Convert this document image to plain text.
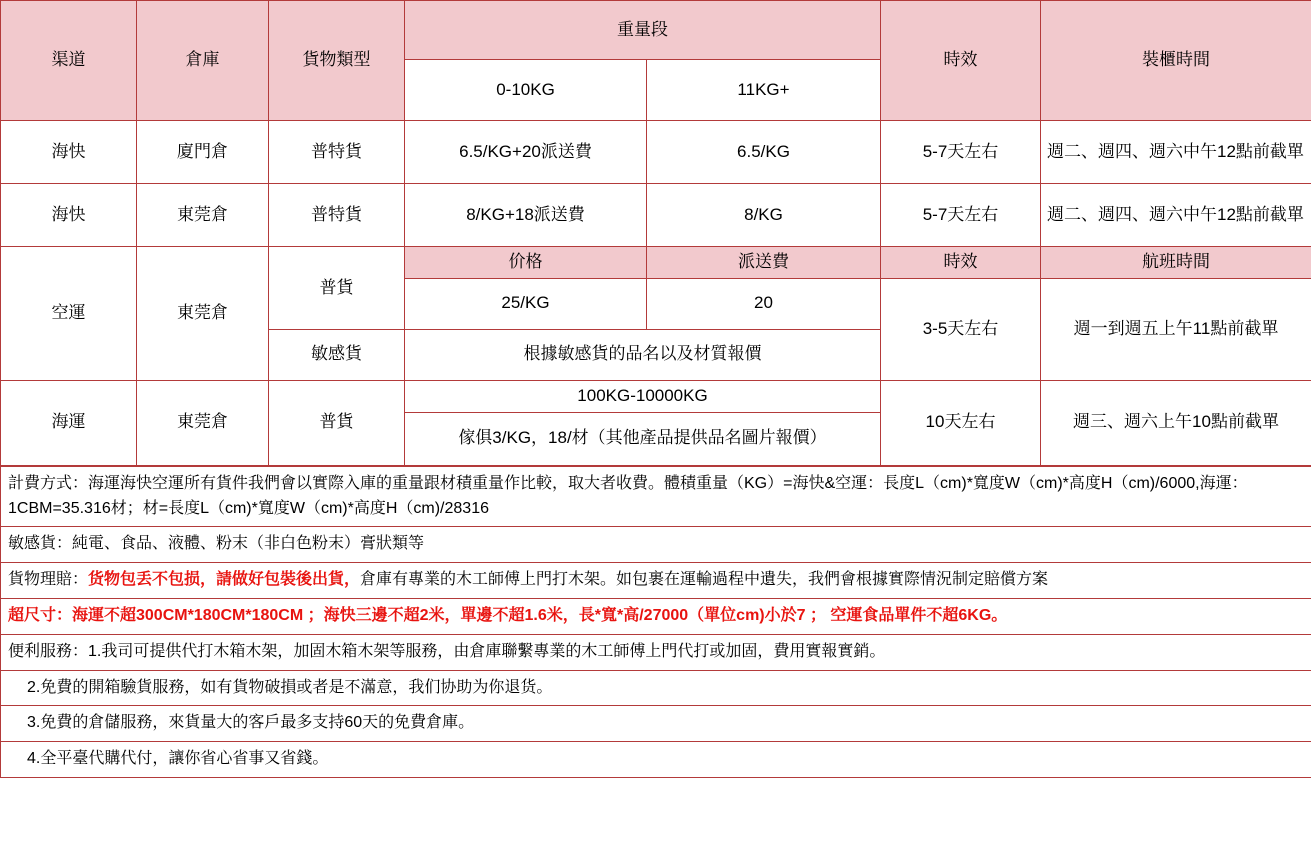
渠道	倉庫	貨物類型	重量段		時效	裝櫃時間
			0-10KG	11KG+		
海快	廈門倉	普特貨	6.5/KG+20派送費	6.5/KG	5-7天左右	週二、週四、週六中午12點前截單
海快	東莞倉	普特貨	8/KG+18派送費	8/KG	5-7天左右	週二、週四、週六中午12點前截單
空運	東莞倉	普貨	价格	派送費	時效	航班時間
			25/KG	20	3-5天左右	週一到週五上午11點前截單
		敏感貨	根據敏感貨的品名以及材質報價			
海運	東莞倉	普貨	100KG-10000KG		10天左右	週三、週六上午10點前截單
			傢俱3/KG，18/材（其他產品提供品名圖片報價）			
計費方式：海運海快空運所有貨件我們會以實際入庫的重量跟材積重量作比較，取大者收費。體積重量（KG）=海快&空運：長度L（cm)*寬度W（cm)*高度H（cm)/6000,海運：1CBM=35.316材；材=長度L（cm)*寬度W（cm)*高度H（cm)/28316
敏感貨：純電、食品、液體、粉末（非白色粉末）膏狀類等
貨物理賠：货物包丢不包损，請做好包裝後出貨，倉庫有專業的木工師傅上門打木架。如包裹在運輸過程中遺失，我們會根據實際情況制定賠償方案
超尺寸：海運不超300CM*180CM*180CM ；海快三邊不超2米，單邊不超1.6米，長*寬*高/27000（單位cm)小於7 ； 空運食品單件不超6KG。
便利服務：1.我司可提供代打木箱木架，加固木箱木架等服務，由倉庫聯繫專業的木工師傅上門代打或加固，費用實報實銷。
2.免費的開箱驗貨服務，如有貨物破損或者是不滿意，我们协助为你退货。
3.免費的倉儲服務，來貨量大的客戶最多支持60天的免費倉庫。
4.全平臺代購代付，讓你省心省事又省錢。
